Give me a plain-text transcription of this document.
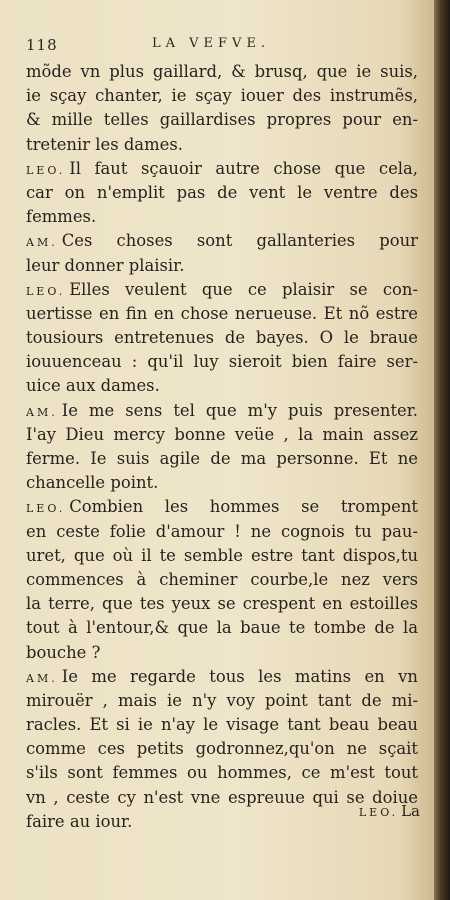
118	LA VEFVE.
mõde vn plus gaillard, & brusq, que ie suis,
ie sçay chanter, ie sçay iouer des instrumẽs,
& mille telles gaillardises propres pour en-
tretenir les dames.
LEO. Il faut sçauoir autre chose que cela,
car on n'emplit pas de vent le ventre des
femmes.
AM. Ces choses sont gallanteries pour
leur donner plaisir.
LEO. Elles veulent que ce plaisir se con-
uertisse en fin en chose nerueuse. Et nõ estre
tousiours entretenues de bayes. O le braue
iouuenceau : qu'il luy sieroit bien faire ser-
uice aux dames.
AM. Ie me sens tel que m'y puis presenter.
I'ay Dieu mercy bonne veüe , la main assez
ferme. Ie suis agile de ma personne. Et ne
chancelle point.
LEO. Combien les hommes se trompent
en ceste folie d'amour ! ne cognois tu pau-
uret, que où il te semble estre tant dispos,tu
commences à cheminer courbe,le nez vers
la terre, que tes yeux se crespent en estoilles
tout à l'entour,& que la baue te tombe de la
bouche ?
AM. Ie me regarde tous les matins en vn
mirouër , mais ie n'y voy point tant de mi-
racles. Et si ie n'ay le visage tant beau beau
comme ces petits godronnez,qu'on ne sçait
s'ils sont femmes ou hommes, ce m'est tout
vn , ceste cy n'est vne espreuue qui se doiue
faire au iour.	LEO. La
